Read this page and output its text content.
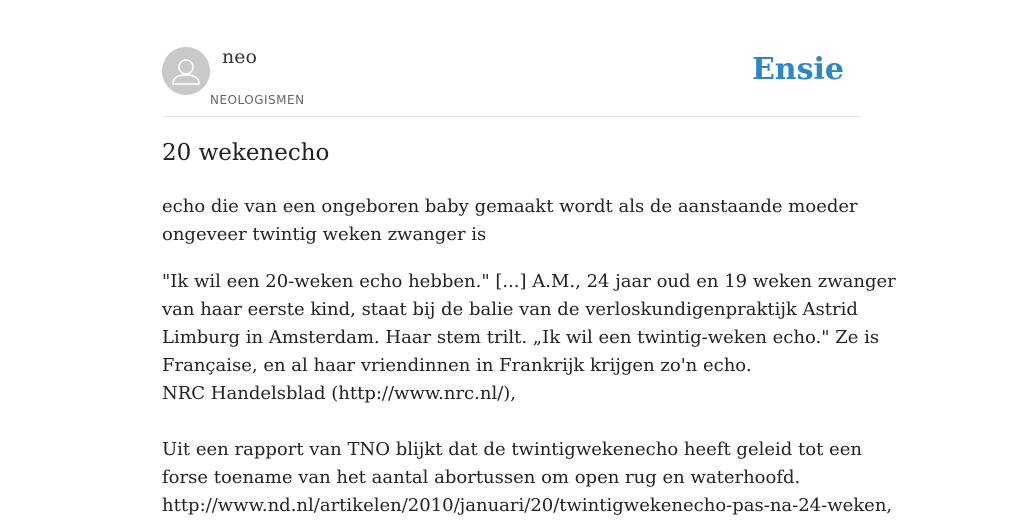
neo
NEOLOGISMEN
Ensie
20 wekenecho

echo die van een ongeboren baby gemaakt wordt als de aanstaande moeder ongeveer twintig weken zwanger is

"Ik wil een 20-weken echo hebben." [...] A.M., 24 jaar oud en 19 weken zwanger
van haar eerste kind, staat bij de balie van de verloskundigenpraktijk Astrid
Limburg in Amsterdam. Haar stem trilt. „Ik wil een twintig-weken echo." Ze is
Française, en al haar vriendinnen in Frankrijk krijgen zo'n echo.
NRC Handelsblad (http://www.nrc.nl/),
Uit een rapport van TNO blijkt dat de twintigwekenecho heeft geleid tot een
forse toename van het aantal abortussen om open rug en waterhoofd.
http://www.nd.nl/artikelen/2010/januari/20/twintigwekenecho-pas-na-24-weken,
